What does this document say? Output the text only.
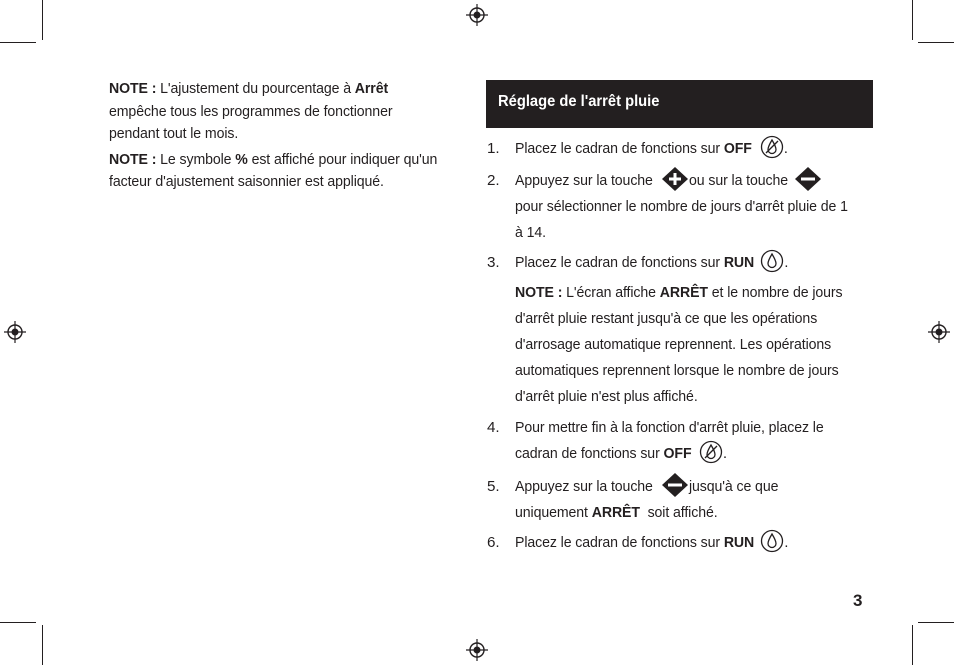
NOTE : L'ajustement du pourcentage à Arrêt
empêche tous les programmes de fonctionner
pendant tout le mois.

NOTE : Le symbole % est affiché pour indiquer qu'un
facteur d'ajustement saisonnier est appliqué.

Réglage de l'arrêt pluie
1. Placez le cadran de fonctions sur OFF .
2. Appuyez sur la touche ou sur la touche
pour sélectionner le nombre de jours d'arrêt pluie de 1
à 14.
3. Placez le cadran de fonctions sur RUN .
NOTE : L'écran affiche ARRÊT et le nombre de jours
d'arrêt pluie restant jusqu'à ce que les opérations
d'arrosage automatique reprennent. Les opérations
automatiques reprennent lorsque le nombre de jours
d'arrêt pluie n'est plus affiché.
4. Pour mettre fin à la fonction d'arrêt pluie, placez le
cadran de fonctions sur OFF .
5. Appuyez sur la touche jusqu'à ce que
uniquement ARRÊT  soit affiché.
6. Placez le cadran de fonctions sur RUN .
3
